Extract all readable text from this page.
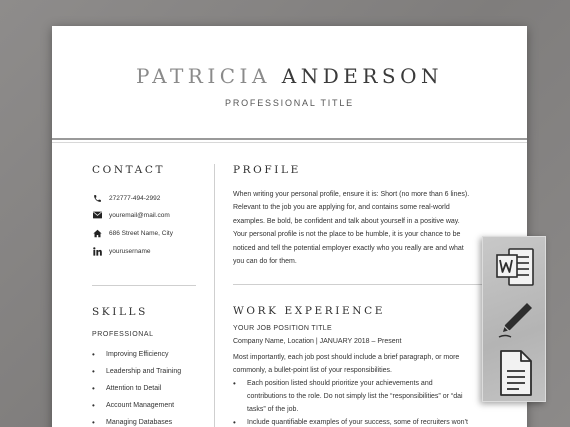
PATRICIA ANDERSON
PROFESSIONAL TITLE
CONTACT
272777-494-2992
youremail@mail.com
686 Street Name, City
yourusername
SKILLS
PROFESSIONAL
•	Improving Efficiency
•	Leadership and Training
•	Attention to Detail
•	Account Management
•	Managing Databases
PROFILE
When writing your personal profile, ensure it is: Short (no more than 6 lines).
Relevant to the job you are applying for, and contains some real-world
examples. Be bold, be confident and talk about yourself in a positive way.
Your personal profile is not the place to be humble, it is your chance to be
noticed and tell the potential employer exactly who you really are and what
you can do for them.
WORK EXPERIENCE
YOUR JOB POSITION TITLE
Company Name, Location | JANUARY 2018 – Present
Most importantly, each job post should include a brief paragraph, or more
commonly, a bullet-point list of your responsibilities.
•	Each position listed should prioritize your achievements and
contributions to the role. Do not simply list the “responsibilities” or “dai
tasks” of the job.
•	Include quantifiable examples of your success, some of recruiters won’t
